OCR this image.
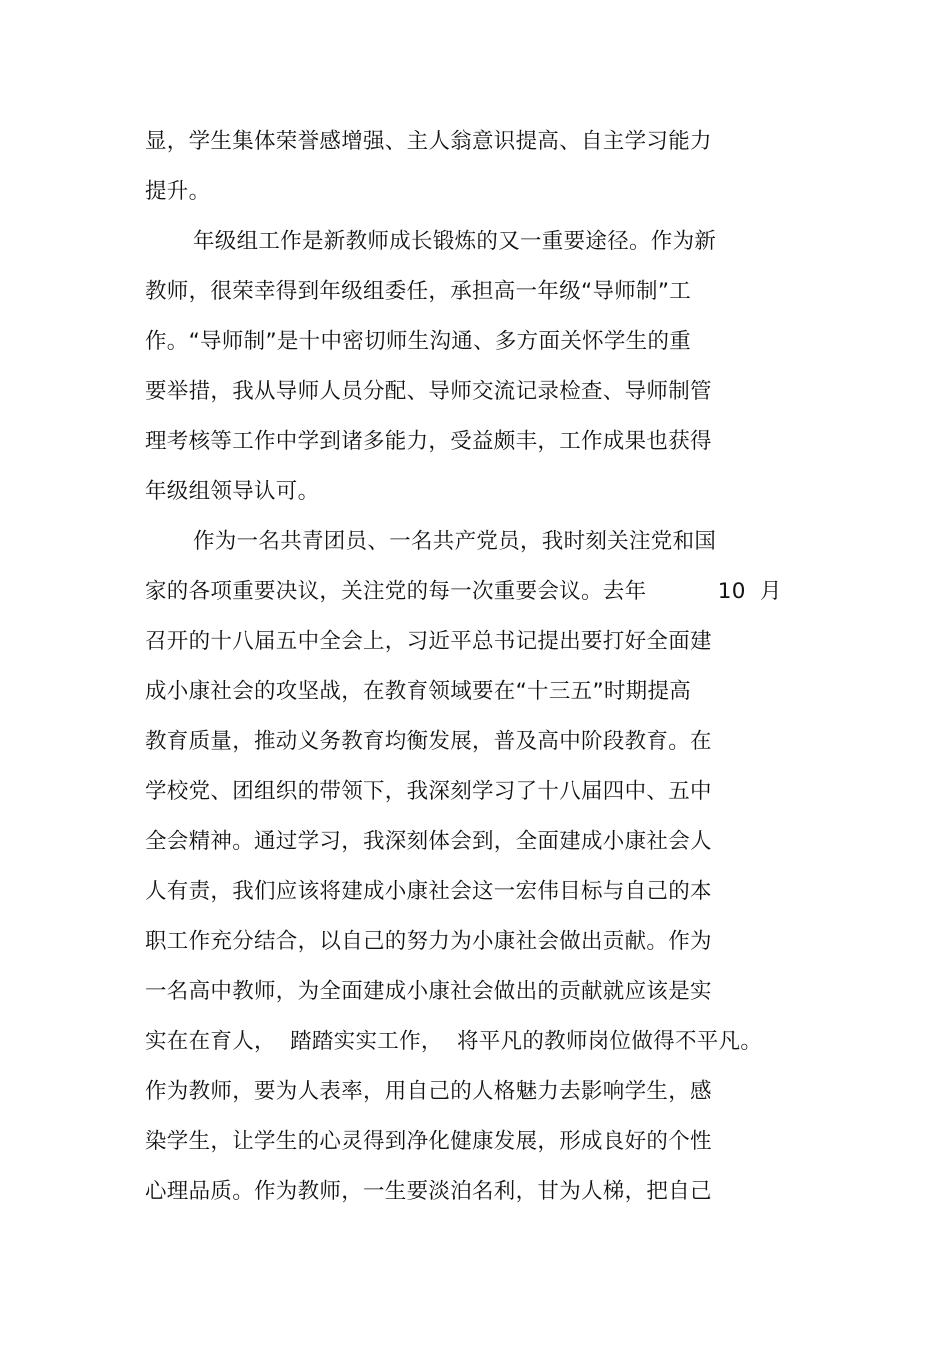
显，学生集体荣誉感增强、主人翁意识提高、自主学习能力
提升。
年级组工作是新教师成长锻炼的又一重要途径。作为新
教师，很荣幸得到年级组委任，承担高一年级“导师制”工
作。“导师制”是十中密切师生沟通、多方面关怀学生的重
要举措，我从导师人员分配、导师交流记录检查、导师制管
理考核等工作中学到诸多能力，受益颇丰，工作成果也获得
年级组领导认可。
作为一名共青团员、一名共产党员，我时刻关注党和国
家的各项重要决议，关注党的每一次重要会议。去年          10  月
召开的十八届五中全会上，习近平总书记提出要打好全面建
成小康社会的攻坚战，在教育领域要在“十三五”时期提高
教育质量，推动义务教育均衡发展，普及高中阶段教育。在
学校党、团组织的带领下，我深刻学习了十八届四中、五中
全会精神。通过学习，我深刻体会到，全面建成小康社会人
人有责，我们应该将建成小康社会这一宏伟目标与自己的本
职工作充分结合，以自己的努力为小康社会做出贡献。作为
一名高中教师，为全面建成小康社会做出的贡献就应该是实
实在在育人，  踏踏实实工作，  将平凡的教师岗位做得不平凡。
作为教师，要为人表率，用自己的人格魅力去影响学生，感
染学生，让学生的心灵得到净化健康发展，形成良好的个性
心理品质。作为教师，一生要淡泊名利，甘为人梯，把自己
